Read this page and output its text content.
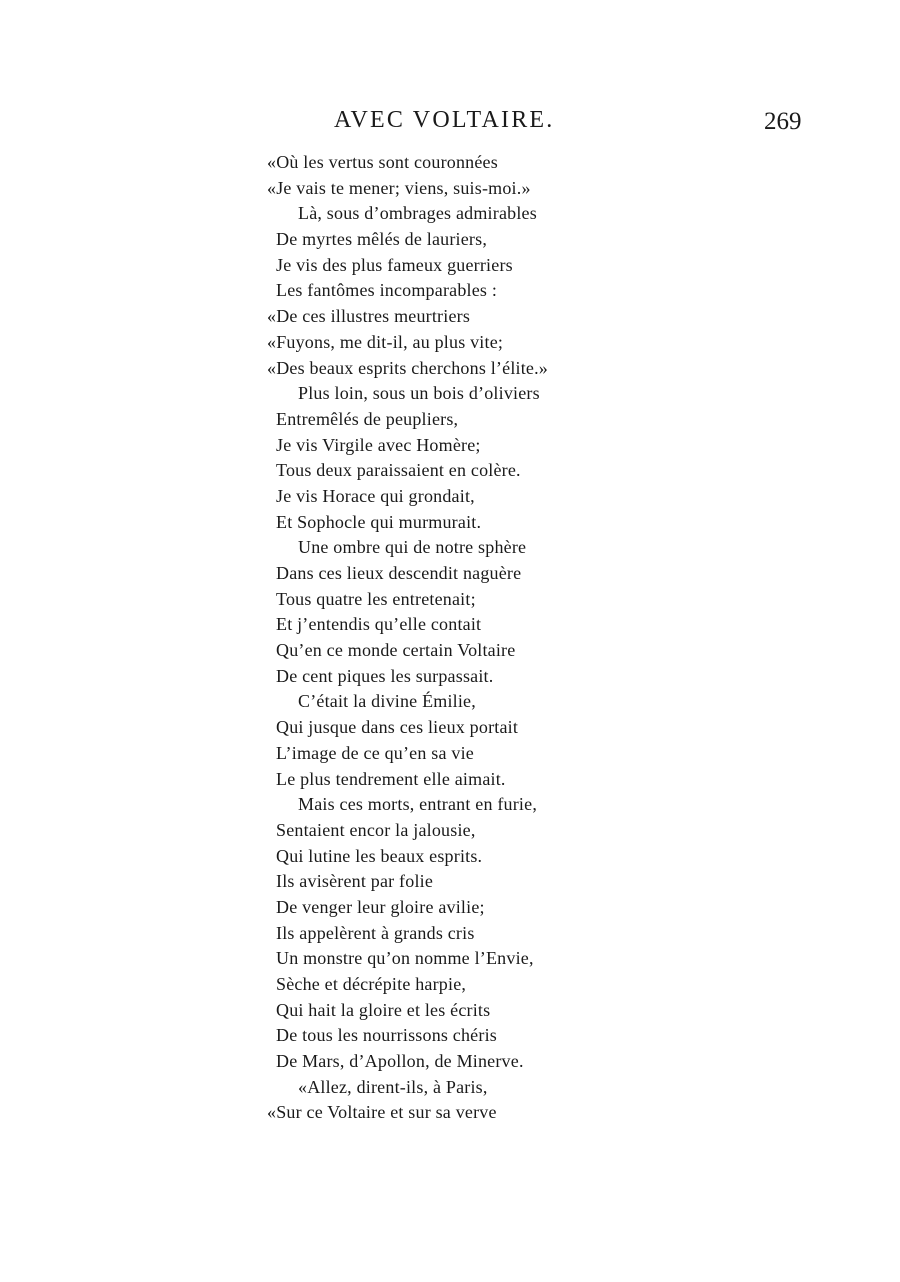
AVEC VOLTAIRE.	269
«Où les vertus sont couronnées
«Je vais te mener; viens, suis-moi.»
Là, sous d’ombrages admirables
De myrtes mêlés de lauriers,
Je vis des plus fameux guerriers
Les fantômes incomparables :
«De ces illustres meurtriers
«Fuyons, me dit-il, au plus vite;
«Des beaux esprits cherchons l’élite.»
Plus loin, sous un bois d’oliviers
Entremêlés de peupliers,
Je vis Virgile avec Homère;
Tous deux paraissaient en colère.
Je vis Horace qui grondait,
Et Sophocle qui murmurait.
Une ombre qui de notre sphère
Dans ces lieux descendit naguère
Tous quatre les entretenait;
Et j’entendis qu’elle contait
Qu’en ce monde certain Voltaire
De cent piques les surpassait.
C’était la divine Émilie,
Qui jusque dans ces lieux portait
L’image de ce qu’en sa vie
Le plus tendrement elle aimait.
Mais ces morts, entrant en furie,
Sentaient encor la jalousie,
Qui lutine les beaux esprits.
Ils avisèrent par folie
De venger leur gloire avilie;
Ils appelèrent à grands cris
Un monstre qu’on nomme l’Envie,
Sèche et décrépite harpie,
Qui hait la gloire et les écrits
De tous les nourrissons chéris
De Mars, d’Apollon, de Minerve.
«Allez, dirent-ils, à Paris,
«Sur ce Voltaire et sur sa verve
